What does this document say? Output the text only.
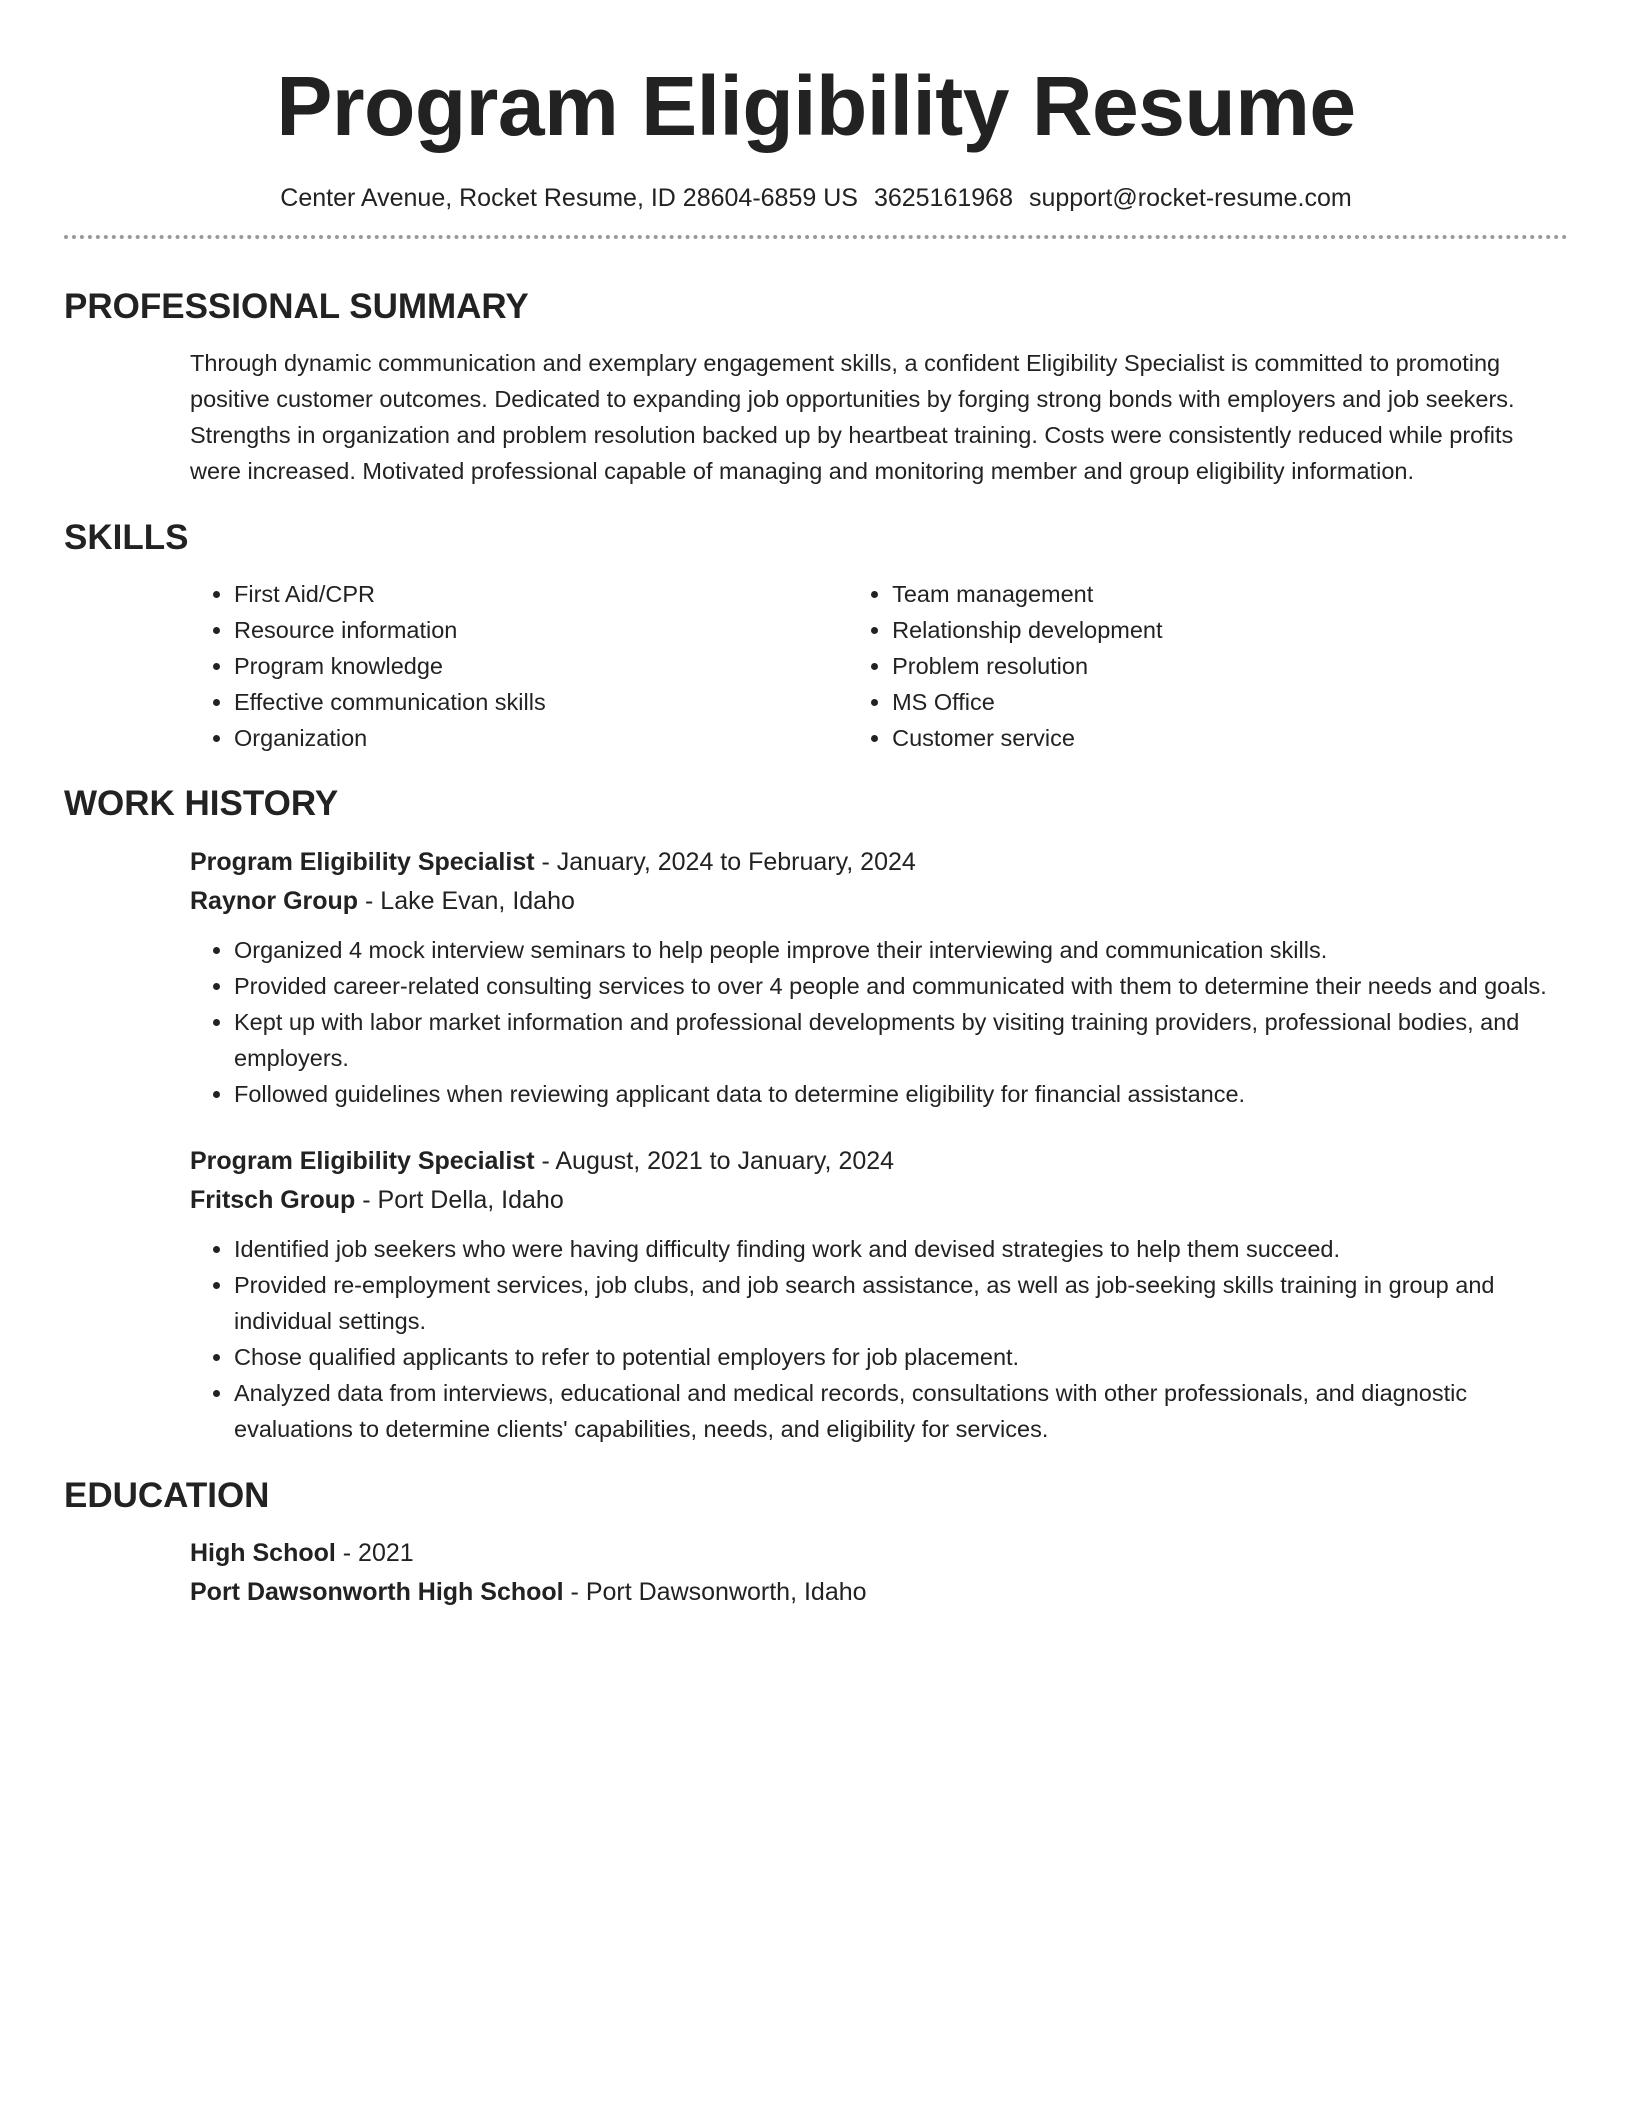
Program Eligibility Resume
Center Avenue, Rocket Resume, ID 28604-6859 US 3625161968 support@rocket-resume.com
PROFESSIONAL SUMMARY
Through dynamic communication and exemplary engagement skills, a confident Eligibility Specialist is committed to promoting positive customer outcomes. Dedicated to expanding job opportunities by forging strong bonds with employers and job seekers. Strengths in organization and problem resolution backed up by heartbeat training. Costs were consistently reduced while profits were increased. Motivated professional capable of managing and monitoring member and group eligibility information.
SKILLS
• First Aid/CPR
• Resource information
• Program knowledge
• Effective communication skills
• Organization
• Team management
• Relationship development
• Problem resolution
• MS Office
• Customer service
WORK HISTORY
Program Eligibility Specialist - January, 2024 to February, 2024
Raynor Group - Lake Evan, Idaho
• Organized 4 mock interview seminars to help people improve their interviewing and communication skills.
• Provided career-related consulting services to over 4 people and communicated with them to determine their needs and goals.
• Kept up with labor market information and professional developments by visiting training providers, professional bodies, and employers.
• Followed guidelines when reviewing applicant data to determine eligibility for financial assistance.
Program Eligibility Specialist - August, 2021 to January, 2024
Fritsch Group - Port Della, Idaho
• Identified job seekers who were having difficulty finding work and devised strategies to help them succeed.
• Provided re-employment services, job clubs, and job search assistance, as well as job-seeking skills training in group and individual settings.
• Chose qualified applicants to refer to potential employers for job placement.
• Analyzed data from interviews, educational and medical records, consultations with other professionals, and diagnostic evaluations to determine clients' capabilities, needs, and eligibility for services.
EDUCATION
High School - 2021
Port Dawsonworth High School - Port Dawsonworth, Idaho
